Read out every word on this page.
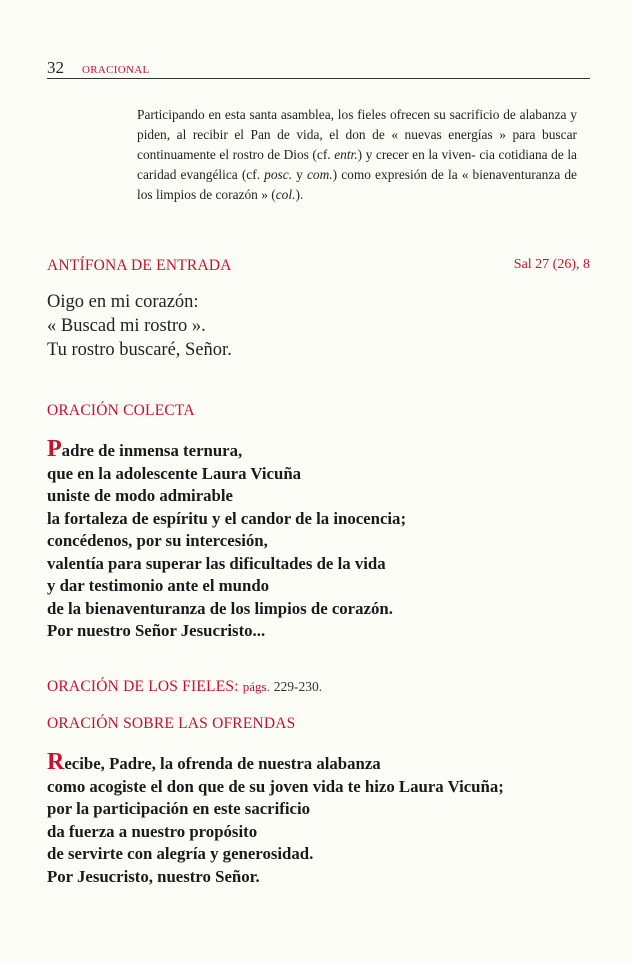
32 ORACIONAL
Participando en esta santa asamblea, los fieles ofrecen su sacrificio de alabanza y piden, al recibir el Pan de vida, el don de « nuevas energías » para buscar continuamente el rostro de Dios (cf. entr.) y crecer en la viven- cia cotidiana de la caridad evangélica (cf. posc. y com.) como expresión de la « bienaventuranza de los limpios de corazón » (col.).
ANTÍFONA DE ENTRADA	Sal 27 (26), 8
Oigo en mi corazón:
« Buscad mi rostro ».
Tu rostro buscaré, Señor.
ORACIÓN COLECTA
Padre de inmensa ternura,
que en la adolescente Laura Vicuña
uniste de modo admirable
la fortaleza de espíritu y el candor de la inocencia;
concédenos, por su intercesión,
valentía para superar las dificultades de la vida
y dar testimonio ante el mundo
de la bienaventuranza de los limpios de corazón.
Por nuestro Señor Jesucristo...
ORACIÓN DE LOS FIELES: págs. 229-230.
ORACIÓN SOBRE LAS OFRENDAS
Recibe, Padre, la ofrenda de nuestra alabanza
como acogiste el don que de su joven vida te hizo Laura Vicuña;
por la participación en este sacrificio
da fuerza a nuestro propósito
de servirte con alegría y generosidad.
Por Jesucristo, nuestro Señor.
